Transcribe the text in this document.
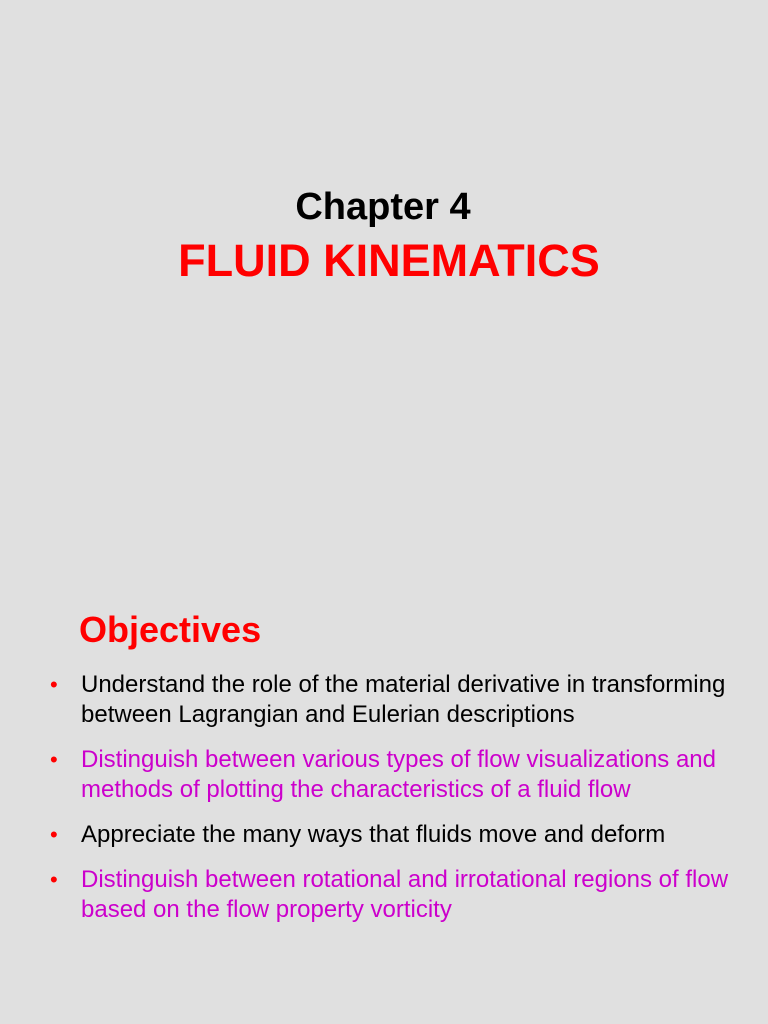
Chapter 4
FLUID KINEMATICS
Objectives
• Understand the role of the material derivative in transforming between Lagrangian and Eulerian descriptions
• Distinguish between various types of flow visualizations and methods of plotting the characteristics of a fluid flow
• Appreciate the many ways that fluids move and deform
• Distinguish between rotational and irrotational regions of flow based on the flow property vorticity
